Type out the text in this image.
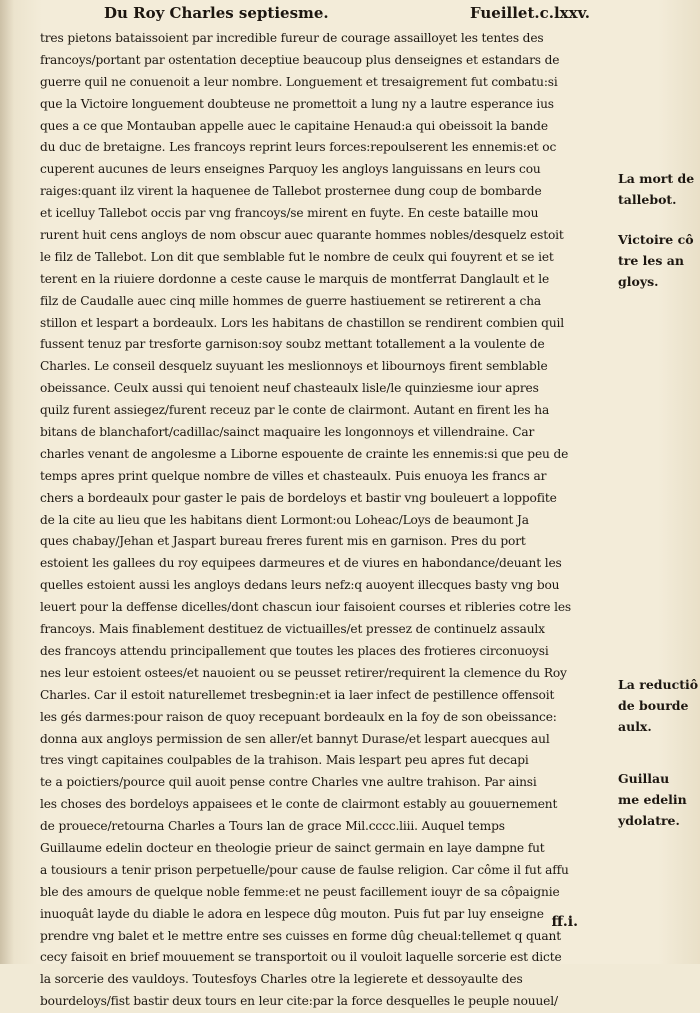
Du Roy Charles septiesme.	Fueillet.c.lxxv.
tres pietons bataissoient par incredible fureur de courage assailloyet les tentes des
francoys/portant par ostentation deceptiue beaucoup plus denseignes et estandars de
guerre quil ne conuenoit a leur nombre. Longuement et tresaigrement fut combatu:si
que la Victoire longuement doubteuse ne promettoit a lung ny a lautre esperance ius
ques a ce que Montauban appelle auec le capitaine Henaud:a qui obeissoit la bande
du duc de bretaigne. Les francoys reprint leurs forces:repoulserent les ennemis:et oc
cuperent aucunes de leurs enseignes Parquoy les angloys languissans en leurs cou
raiges:quant ilz virent la haquenee de Tallebot prosternee dung coup de bombarde
et icelluy Tallebot occis par vng francoys/se mirent en fuyte. En ceste bataille mou
rurent huit cens angloys de nom obscur auec quarante hommes nobles/desquelz estoit
le filz de Tallebot. Lon dit que semblable fut le nombre de ceulx qui fouyrent et se iet
terent en la riuiere dordonne a ceste cause le marquis de montferrat Danglault et le
filz de Caudalle auec cinq mille hommes de guerre hastiuement se retirerent a cha
stillon et lespart a bordeaulx. Lors les habitans de chastillon se rendirent combien quil
fussent tenuz par tresforte garnison:soy soubz mettant totallement a la voulente de
Charles. Le conseil desquelz suyuant les meslionnoys et libournoys firent semblable
obeissance. Ceulx aussi qui tenoient neuf chasteaulx lisle/le quinziesme iour apres
quilz furent assiegez/furent receuz par le conte de clairmont. Autant en firent les ha
bitans de blanchafort/cadillac/sainct maquaire les longonnoys et villendraine. Car
charles venant de angolesme a Liborne espouente de crainte les ennemis:si que peu de
temps apres print quelque nombre de villes et chasteaulx. Puis enuoya les francs ar
chers a bordeaulx pour gaster le pais de bordeloys et bastir vng bouleuert a loppofite
de la cite au lieu que les habitans dient Lormont:ou Loheac/Loys de beaumont Ja
ques chabay/Jehan et Jaspart bureau freres furent mis en garnison. Pres du port
estoient les gallees du roy equipees darmeures et de viures en habondance/deuant les
quelles estoient aussi les angloys dedans leurs nefz:q auoyent illecques basty vng bou
leuert pour la deffense dicelles/dont chascun iour faisoient courses et ribleries cotre les
francoys. Mais finablement destituez de victuailles/et pressez de continuelz assaulx
des francoys attendu principallement que toutes les places des frotieres circonuoysi
nes leur estoient ostees/et nauoient ou se peusset retirer/requirent la clemence du Roy
Charles. Car il estoit naturellemet tresbegnin:et ia laer infect de pestillence offensoit
les gés darmes:pour raison de quoy recepuant bordeaulx en la foy de son obeissance:
donna aux angloys permission de sen aller/et bannyt Durase/et lespart auecques aul
tres vingt capitaines coulpables de la trahison. Mais lespart peu apres fut decapi
te a poictiers/pource quil auoit pense contre Charles vne aultre trahison. Par ainsi
les choses des bordeloys appaisees et le conte de clairmont estably au gouuernement
de prouece/retourna Charles a Tours lan de grace Mil.cccc.liii. Auquel temps
Guillaume edelin docteur en theologie prieur de sainct germain en laye dampne fut
a tousiours a tenir prison perpetuelle/pour cause de faulse religion. Car côme il fut affu
ble des amours de quelque noble femme:et ne peust facillement iouyr de sa côpaignie
inuoquât layde du diable le adora en lespece dûg mouton. Puis fut par luy enseigne
prendre vng balet et le mettre entre ses cuisses en forme dûg cheual:tellemet q quant
cecy faisoit en brief mouuement se transportoit ou il vouloit laquelle sorcerie est dicte
la sorcerie des vauldoys. Toutesfoys Charles otre la legierete et dessoyaulte des
bourdeloys/fist bastir deux tours en leur cite:par la force desquelles le peuple nouuel/
La mort de
tallebot.
Victoire cô
tre les an
gloys.
La reductiô
de bourde
aulx.
Guillau
me edelin
ydolatre.
ff.i.
